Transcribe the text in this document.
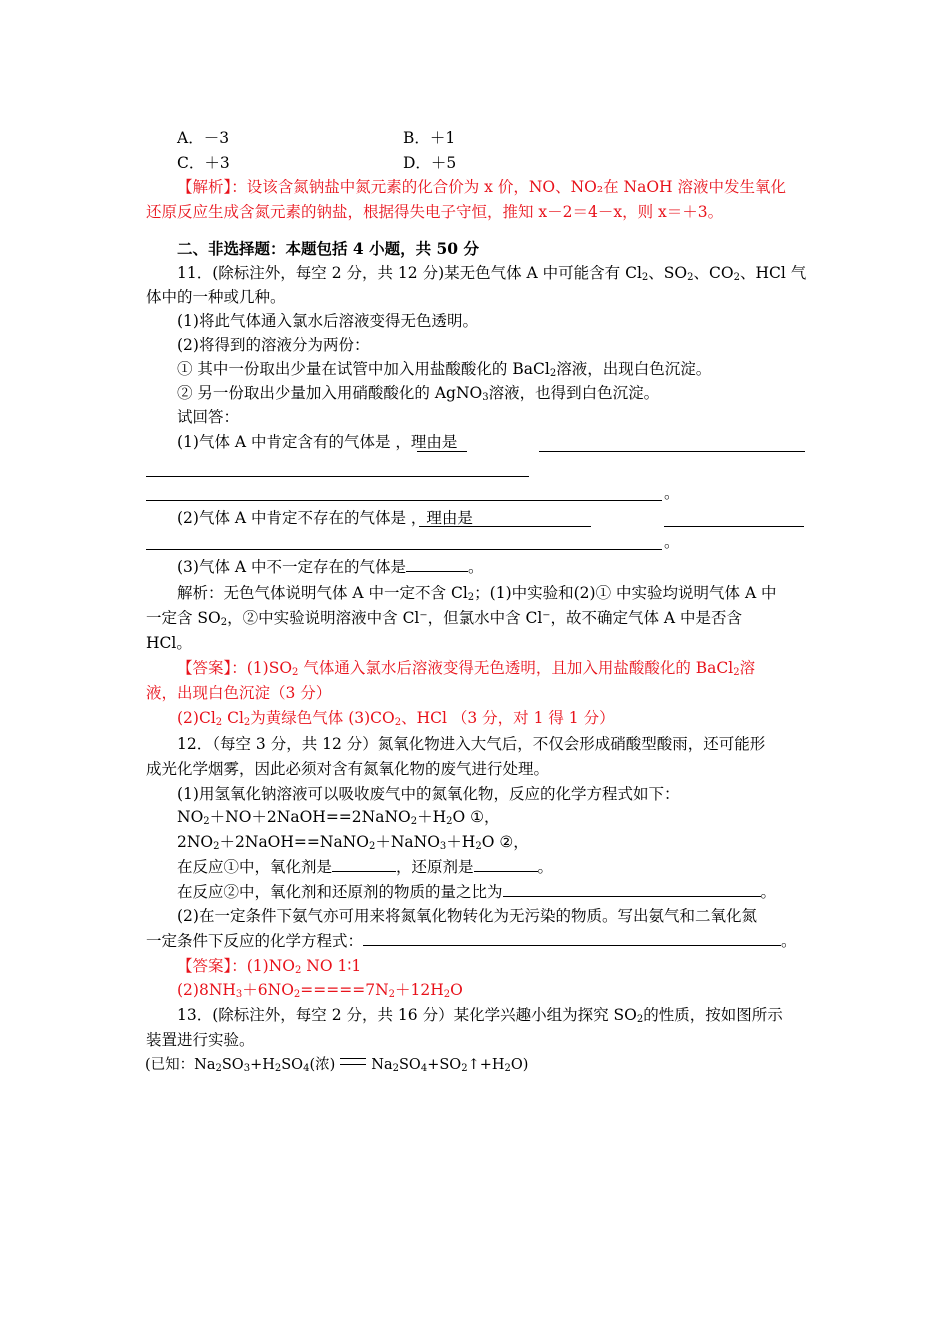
A．－3	B．＋1
C．＋3	D．＋5
【解析】：设该含氮钠盐中氮元素的化合价为 x 价，NO、NO₂在 NaOH 溶液中发生氧化
还原反应生成含氮元素的钠盐，根据得失电子守恒，推知 x－2＝4－x，则 x＝＋3。
二、非选择题：本题包括 4 小题，共 50 分
11．(除标注外，每空 2 分，共 12 分)某无色气体 A 中可能含有 $Cl_2$、$SO_2$、$CO_2$、HCl 气
体中的一种或几种。
(1)将此气体通入氯水后溶液变得无色透明。
(2)将得到的溶液分为两份：
① 其中一份取出少量在试管中加入用盐酸酸化的 BaCl$_2$溶液，出现白色沉淀。
② 另一份取出少量加入用硝酸酸化的 AgNO$_3$溶液，也得到白色沉淀。
试回答：
(1)气体 A 中肯定含有的气体是 ，理由是
。
(2)气体 A 中肯定不存在的气体是 ，理由是
。
(3)气体 A 中不一定存在的气体是	。
解析：无色气体说明气体 A 中一定不含 $Cl_2$；(1)中实验和(2)① 中实验均说明气体 A 中
一定含 $SO_2$，②中实验说明溶液中含 Cl⁻，但氯水中含 Cl⁻，故不确定气体 A 中是否含
HCl。
【答案】：$(1)SO_2$ 气体通入氯水后溶液变得无色透明，且加入用盐酸酸化的 BaCl$_2$溶
液，出现白色沉淀（3 分）
$(2)Cl_2$ $Cl_2$为黄绿色气体 $(3)CO_2$、HCl （3 分，对 1 得 1 分）
12．（每空 3 分，共 12 分）氮氧化物进入大气后，不仅会形成硝酸型酸雨，还可能形
成光化学烟雾，因此必须对含有氮氧化物的废气进行处理。
(1)用氢氧化钠溶液可以吸收废气中的氮氧化物，反应的化学方程式如下：
$NO_2+NO+2NaOH==2NaNO_2+H_2O$ ①，
$2NO_2+2NaOH==NaNO_2+NaNO_3+H_2O$ ②，
在反应①中，氧化剂是	，还原剂是	。
在反应②中，氧化剂和还原剂的物质的量之比为	。
(2)在一定条件下氨气亦可用来将氮氧化物转化为无污染的物质。写出氨气和二氧化氮
一定条件下反应的化学方程式：	。
【答案】：$(1)NO_2$ NO 1∶1
$(2)8NH_3+6NO_2=====7N_2+12H_2O$
13．(除标注外，每空 2 分，共 16 分）某化学兴趣小组为探究 $SO_2$的性质，按如图所示
装置进行实验。
(已知：$Na_2SO_3+H_2SO_4$(浓) $Na_2SO_4+SO_2↑+H_2O$)
